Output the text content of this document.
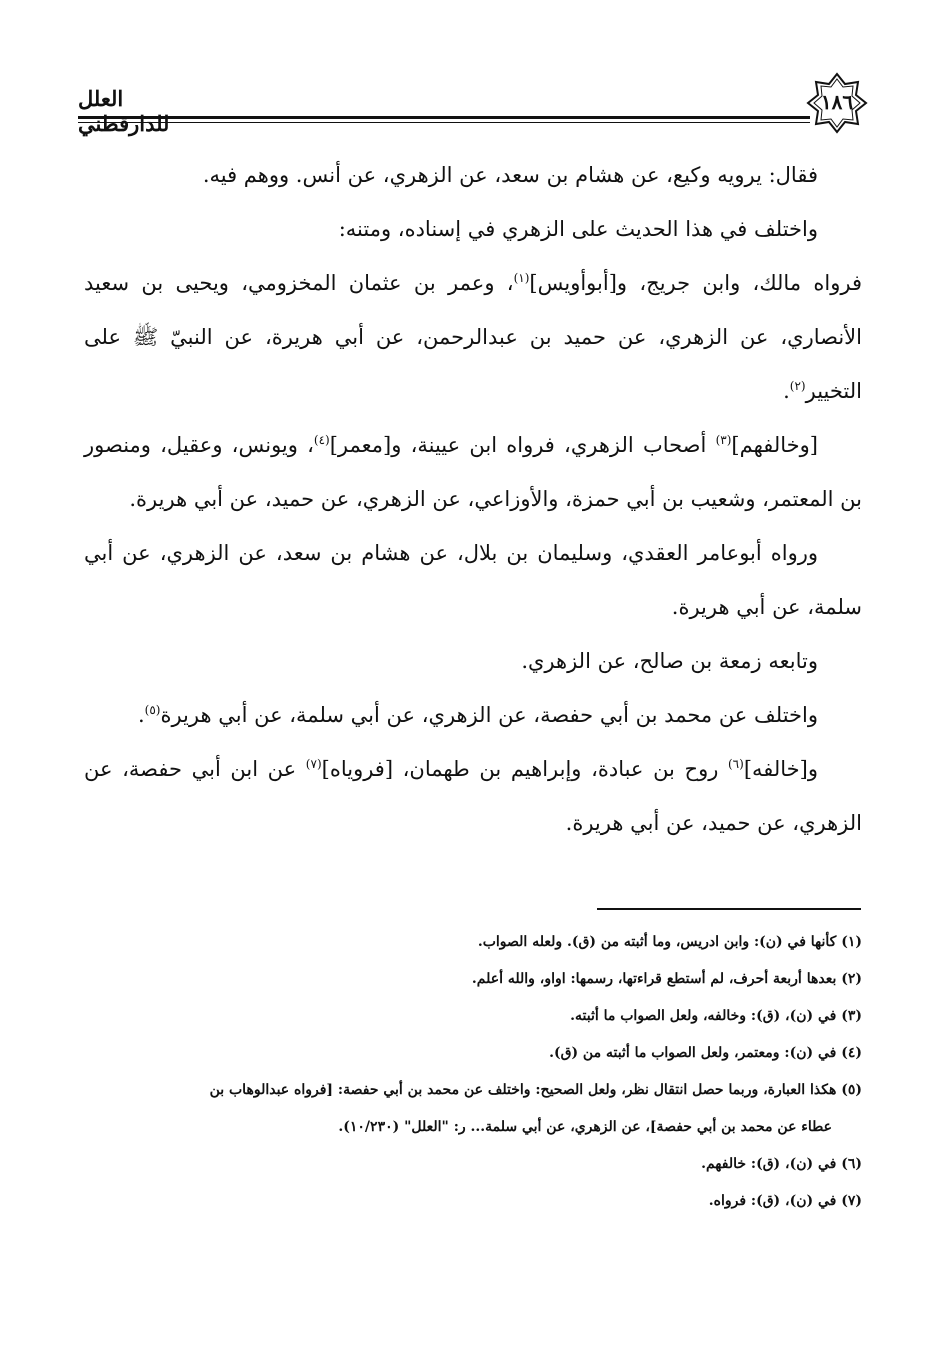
١٨٦
العلل للدارقطني

فقال: يرويه وكيع، عن هشام بن سعد، عن الزهري، عن أنس. ووهم فيه.

واختلف في هذا الحديث على الزهري في إسناده، ومتنه:

فرواه مالك، وابن جريج، و[أبوأويس]$^{(١)}$، وعمر بن عثمان المخزومي، ويحيى بن سعيد الأنصاري، عن الزهري، عن حميد بن عبدالرحمن، عن أبي هريرة، عن النبيّ ﷺ على التخيير$^{(٢)}$.

[وخالفهم]$^{(٣)}$ أصحاب الزهري، فرواه ابن عيينة، و[معمر]$^{(٤)}$، ويونس، وعقيل، ومنصور بن المعتمر، وشعيب بن أبي حمزة، والأوزاعي، عن الزهري، عن حميد، عن أبي هريرة.

ورواه أبوعامر العقدي، وسليمان بن بلال، عن هشام بن سعد، عن الزهري، عن أبي سلمة، عن أبي هريرة.

وتابعه زمعة بن صالح، عن الزهري.

واختلف عن محمد بن أبي حفصة، عن الزهري، عن أبي سلمة، عن أبي هريرة$^{(٥)}$.

و[خالفه]$^{(٦)}$ روح بن عبادة، وإبراهيم بن طهمان، [فروياه]$^{(٧)}$ عن ابن أبي حفصة، عن الزهري، عن حميد، عن أبي هريرة.

(١) كأنها في (ن): وابن ادريس، وما أثبته من (ق). ولعله الصواب.

(٢) بعدها أربعة أحرف، لم أستطع قراءتها، رسمها: اواو، والله أعلم.

(٣) في (ن)، (ق): وخالفه، ولعل الصواب ما أثبته.

(٤) في (ن): ومعتمر، ولعل الصواب ما أثبته من (ق).

(٥) هكذا العبارة، وربما حصل انتقال نظر، ولعل الصحيح: واختلف عن محمد بن أبي حفصة: [فرواه عبدالوهاب بن

عطاء عن محمد بن أبي حفصة]، عن الزهري، عن أبي سلمة... ر: "العلل" (١٠/٢٣٠).

(٦) في (ن)، (ق): خالفهم.

(٧) في (ن)، (ق): فرواه.
